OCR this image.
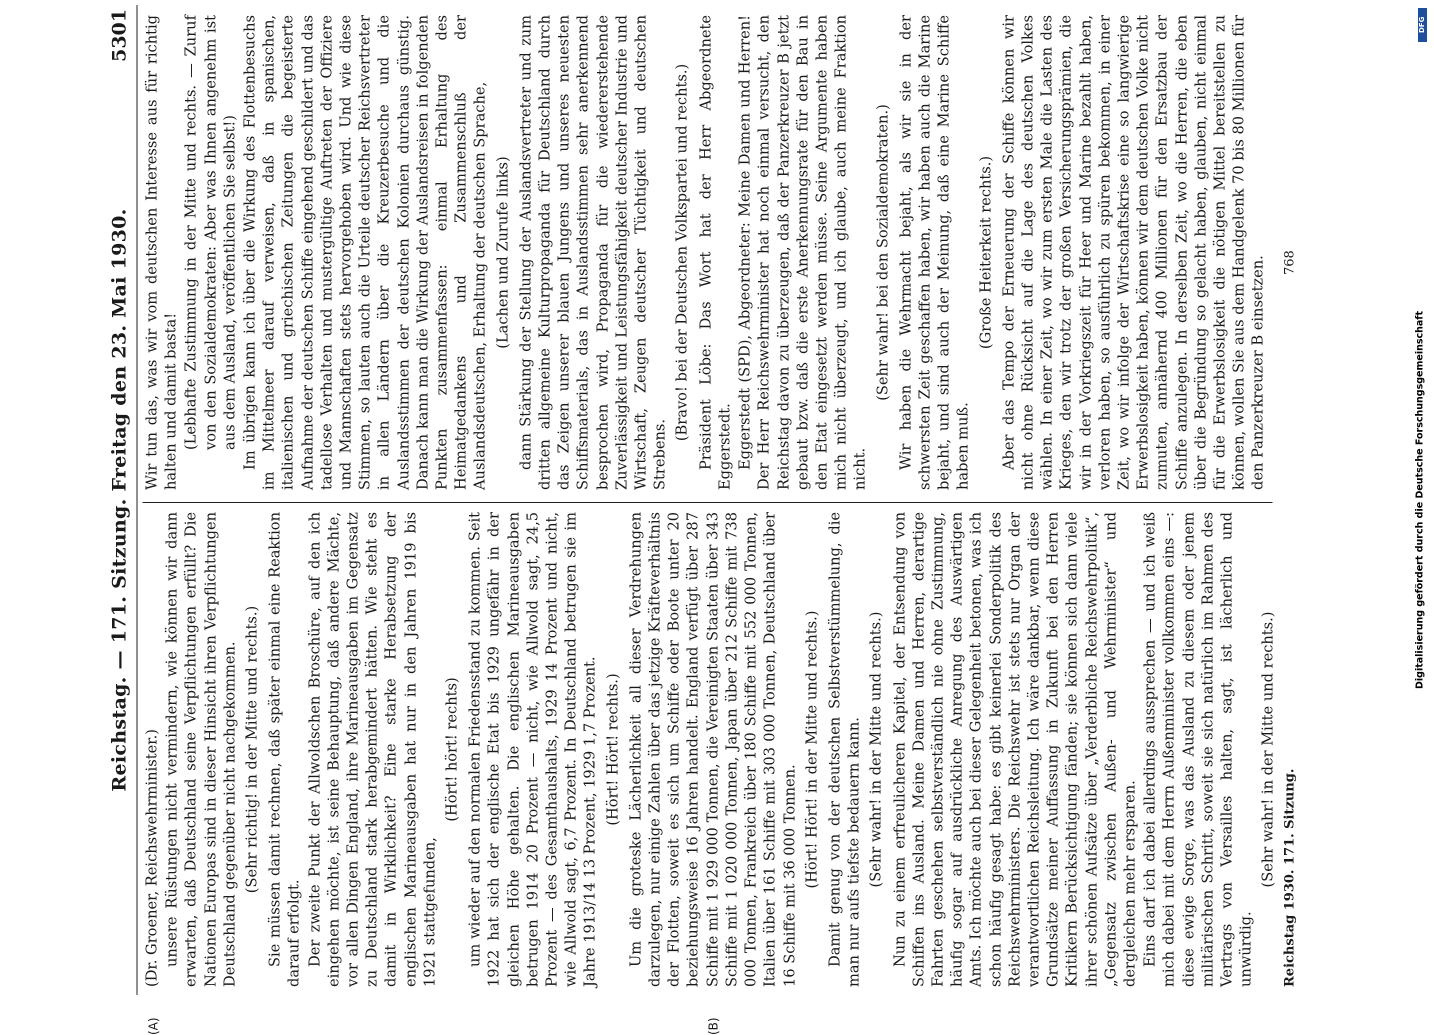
Reichstag. — 171. Sitzung. Freitag den 23. Mai 1930.
5301
(A)	(B)

(Dr. Groener, Reichswehrminister.) unsere Rüstungen nicht vermindern, wie können wir dann erwarten, daß Deutschland seine Verpflichtungen erfüllt? Die Nationen Europas sind in dieser Hinsicht ihren Verpflichtungen Deutschland gegenüber nicht nachgekommen. (Sehr richtig! in der Mitte und rechts.) Sie müssen damit rechnen, daß später einmal eine Reaktion darauf erfolgt. Der zweite Punkt der Allwoldschen Broschüre, auf den ich eingehen möchte, ist seine Behauptung, daß andere Mächte, vor allen Dingen England, ihre Marineausgaben im Gegensatz zu Deutschland stark herabgemindert hätten. Wie steht es damit in Wirklichkeit? Eine starke Herabsetzung der englischen Marineausgaben hat nur in den Jahren 1919 bis 1921 stattgefunden,

(Hört! hört! rechts) um wieder auf den normalen Friedensstand zu kommen. Seit 1922 hat sich der englische Etat bis 1929 ungefähr in der gleichen Höhe gehalten. Die englischen Marineausgaben betrugen 1914 20 Prozent — nicht, wie Allwold sagt, 24,5 Prozent — des Gesamthaushalts, 1929 14 Prozent und nicht, wie Allwold sagt, 6,7 Prozent. In Deutschland betrugen sie im Jahre 1913/14 13 Prozent, 1929 1,7 Prozent. (Hört! Hört! rechts.) Um die groteske Lächerlichkeit all dieser Verdrehungen darzulegen, nur einige Zahlen über das jetzige Kräfteverhältnis der Flotten, soweit es sich um Schiffe oder Boote unter 20 beziehungsweise 16 Jahren handelt. England verfügt über 287 Schiffe mit 1 929 000 Tonnen, die Vereinigten Staaten über 343 Schiffe mit 1 020 000 Tonnen, Japan über 212 Schiffe mit 738 000 Tonnen, Frankreich über 180 Schiffe mit 552 000 Tonnen, Italien über 161 Schiffe mit 303 000 Tonnen, Deutschland über 16 Schiffe mit 36 000 Tonnen. (Hört! Hört! in der Mitte und rechts.) Damit genug von der deutschen Selbstverstümmelung, die man nur aufs tiefste bedauern kann. (Sehr wahr! in der Mitte und rechts.) Nun zu einem erfreulicheren Kapitel, der Entsendung von Schiffen ins Ausland. Meine Damen und Herren, derartige Fahrten geschehen selbstverständlich nie ohne Zustimmung, häufig sogar auf ausdrückliche Anregung des Auswärtigen Amts. Ich möchte auch bei dieser Gelegenheit betonen, was ich schon häufig gesagt habe: es gibt keinerlei Sonderpolitik des Reichswehrministers. Die Reichswehr ist stets nur Organ der verantwortlichen Reichsleitung. Ich wäre dankbar, wenn diese Grundsätze meiner Auffassung in Zukunft bei den Herren Kritikern Berücksichtigung fänden; sie können sich dann viele ihrer schönen Aufsätze über „Verderbliche Reichswehrpolitik“, „Gegensatz zwischen Außen- und Wehrminister“ und dergleichen mehr ersparen. Eins darf ich dabei allerdings aussprechen — und ich weiß mich dabei mit dem Herrn Außenminister vollkommen eins —: diese ewige Sorge, was das Ausland zu diesem oder jenem militärischen Schritt, soweit sie sich natürlich im Rahmen des Vertrags von Versailles halten, sagt, ist lächerlich und unwürdig.

(Sehr wahr! in der Mitte und rechts.)

Wir tun das, was wir vom deutschen Interesse aus für richtig halten und damit basta! (Lebhafte Zustimmung in der Mitte und rechts. — Zuruf von den Sozialdemokraten: Aber was Ihnen angenehm ist aus dem Ausland, veröffentlichen Sie selbst!) Im übrigen kann ich über die Wirkung des Flottenbesuchs im Mittelmeer darauf verweisen, daß in spanischen, italienischen und griechischen Zeitungen die begeisterte Aufnahme der deutschen Schiffe eingehend geschildert und das tadellose Verhalten und mustergültige Auftreten der Offiziere und Mannschaften stets hervorgehoben wird. Und wie diese Stimmen, so lauten auch die Urteile deutscher Reichsvertreter in allen Ländern über die Kreuzerbesuche und die Auslandsstimmen der deutschen Kolonien durchaus günstig. Danach kann man die Wirkung der Auslandsreisen in folgenden Punkten zusammenfassen: einmal Erhaltung des Heimatgedankens und Zusammenschluß der Auslandsdeutschen, Erhaltung der deutschen Sprache, (Lachen und Zurufe links) dann Stärkung der Stellung der Auslandsvertreter und zum dritten allgemeine Kulturpropaganda für Deutschland durch das Zeigen unserer blauen Jungens und unseres neuesten Schiffsmaterials, das in Auslandsstimmen sehr anerkennend besprochen wird, Propaganda für die wiedererstehende Zuverlässigkeit und Leistungsfähigkeit deutscher Industrie und Wirtschaft, Zeugen deutscher Tüchtigkeit und deutschen Strebens.

(Bravo! bei der Deutschen Volkspartei und rechts.) Präsident Löbe: Das Wort hat der Herr Abgeordnete Eggerstedt. Eggerstedt (SPD), Abgeordneter: Meine Damen und Herren! Der Herr Reichswehrminister hat noch einmal versucht, den Reichstag davon zu überzeugen, daß der Panzerkreuzer B jetzt gebaut bzw. daß die erste Anerkennungsrate für den Bau in den Etat eingesetzt werden müsse. Seine Argumente haben mich nicht überzeugt, und ich glaube, auch meine Fraktion nicht.

(Sehr wahr! bei den Sozialdemokraten.) Wir haben die Wehrmacht bejaht, als wir sie in der schwersten Zeit geschaffen haben, wir haben auch die Marine bejaht, und sind auch der Meinung, daß eine Marine Schiffe haben muß.

(Große Heiterkeit rechts.) Aber das Tempo der Erneuerung der Schiffe können wir nicht ohne Rücksicht auf die Lage des deutschen Volkes wählen. In einer Zeit, wo wir zum ersten Male die Lasten des Krieges, den wir trotz der großen Versicherungsprämien, die wir in der Vorkriegszeit für Heer und Marine bezahlt haben, verloren haben, so ausführlich zu spüren bekommen, in einer Zeit, wo wir infolge der Wirtschaftskrise eine so langwierige Erwerbslosigkeit haben, können wir dem deutschen Volke nicht zumuten, annähernd 400 Millionen für den Ersatzbau der Schiffe anzulegen. In derselben Zeit, wo die Herren, die eben über die Begründung so gelacht haben, glauben, nicht einmal für die Erwerbslosigkeit die nötigen Mittel bereitstellen zu können, wollen Sie aus dem Handgelenk 70 bis 80 Millionen für den Panzerkreuzer B einsetzen.

Reichstag 1930. 171. Sitzung.
768
Digitalisierung gefördert durch die Deutsche Forschungsgemeinschaft
DFG
